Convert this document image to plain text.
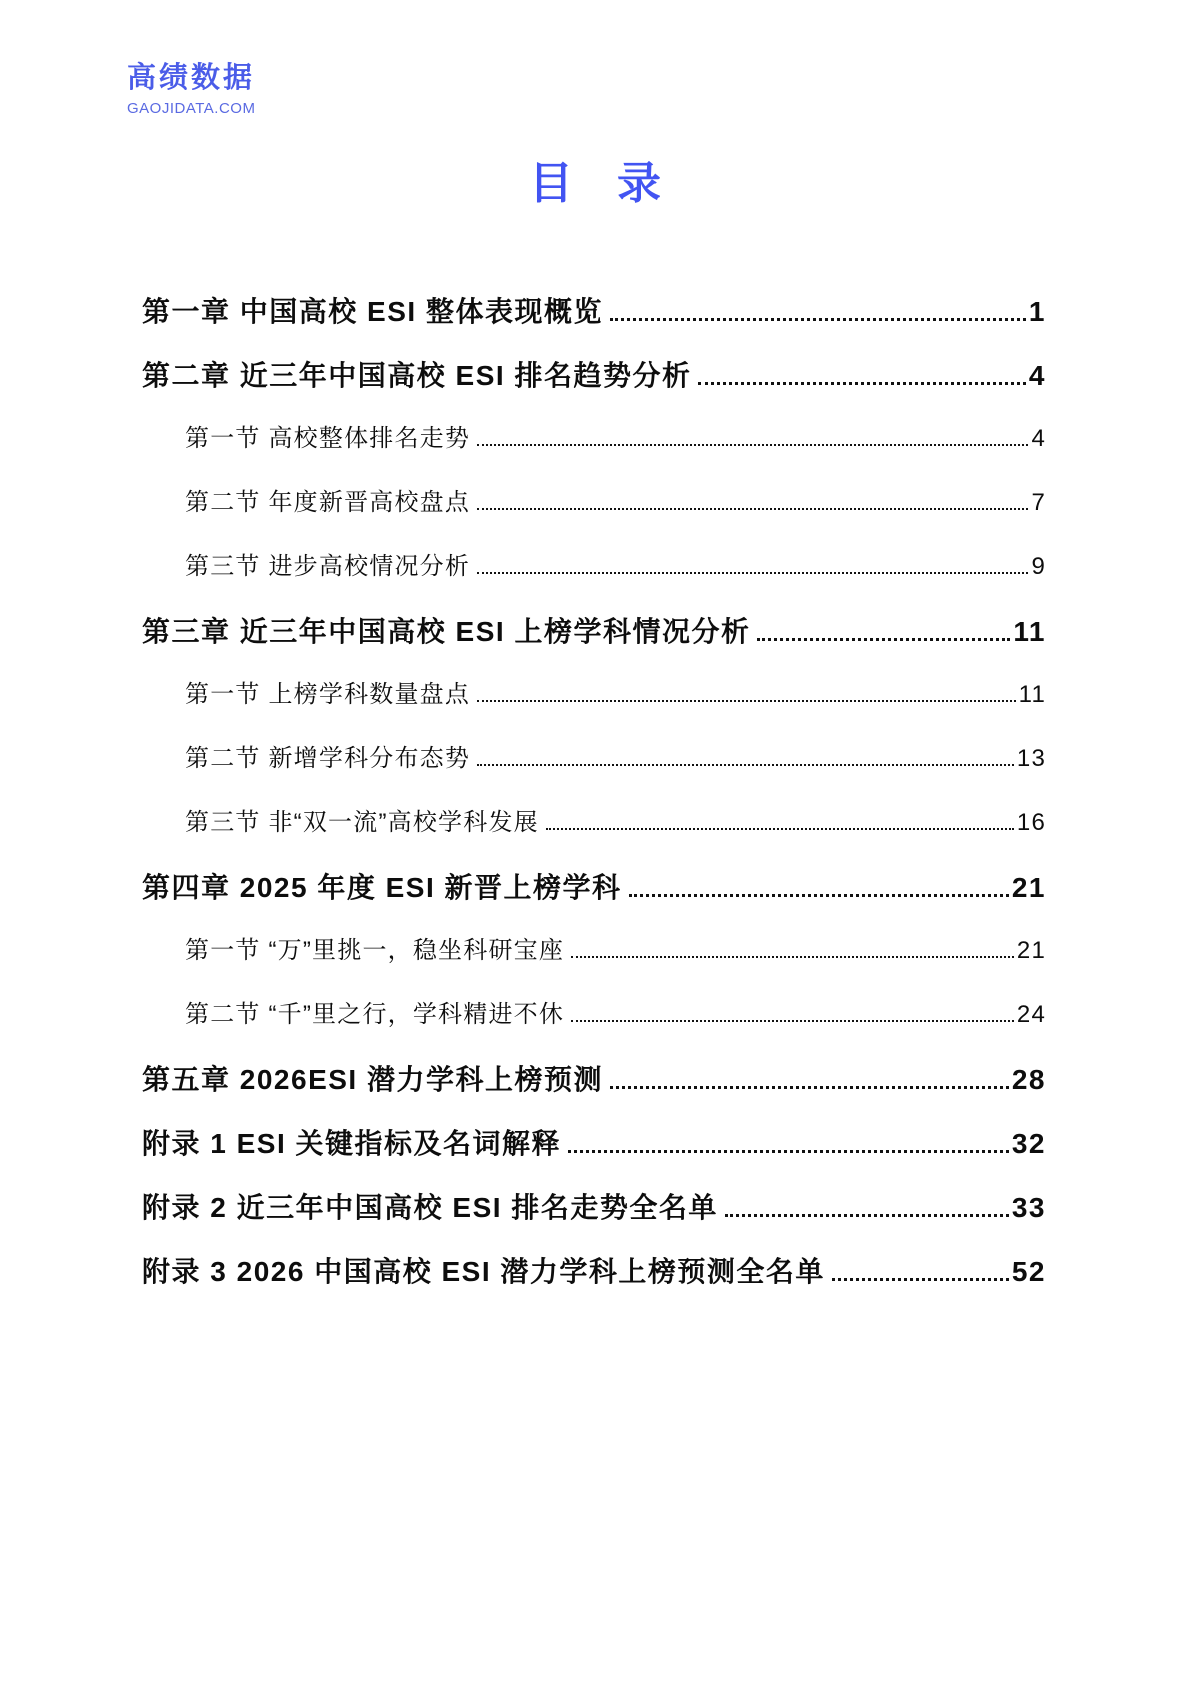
高绩数据
GAOJIDATA.COM
目　录
第一章 中国高校 ESI 整体表现概览	1
第二章 近三年中国高校 ESI 排名趋势分析	4
第一节 高校整体排名走势	4
第二节 年度新晋高校盘点	7
第三节 进步高校情况分析	9
第三章 近三年中国高校 ESI 上榜学科情况分析	11
第一节 上榜学科数量盘点	11
第二节 新增学科分布态势	13
第三节 非“双一流”高校学科发展	16
第四章 2025 年度 ESI 新晋上榜学科	21
第一节 “万”里挑一，稳坐科研宝座	21
第二节 “千”里之行，学科精进不休	24
第五章 2026ESI 潜力学科上榜预测	28
附录 1 ESI 关键指标及名词解释	32
附录 2 近三年中国高校 ESI 排名走势全名单	33
附录 3 2026 中国高校 ESI 潜力学科上榜预测全名单	52
